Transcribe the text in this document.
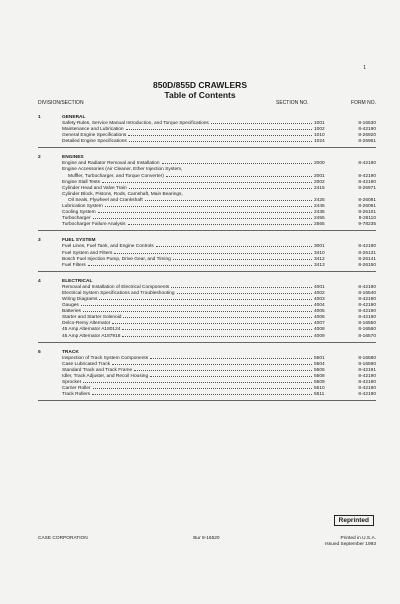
1
850D/855D CRAWLERS
Table of Contents
DIVISION/SECTION	SECTION NO.	FORM NO.
1	GENERAL
Safety Rules, Service Manual Introduction, and Torque Specifications	1001	8-16530
Maintenance and Lubrication	1002	8-42190
General Engine Specifications	1010	8-26920
Detailed Engine Specifications	1024	8-26961
2	ENGINES
Engine and Radiator Removal and Installation	2000	8-42190
Engine Accessories (Air Cleaner, Ether Injection System,
Muffler, Turbocharger, and Torque Converter)	2001	8-42190
Engine Stall Tests	2002	8-42190
Cylinder Head and Valve Train	2415	8-26971
Cylinder Block, Pistons, Rods, Camshaft, Main Bearings,
Oil Seals, Flywheel and Crankshaft	2425	8-26081
Lubrication System	2445	8-26091
Cooling System	2435	8-26101
Turbocharger	2455	8-26110
Turbocharger Failure Analysis	2565	9-78235
3	FUEL SYSTEM
Fuel Lines, Fuel Tank, and Engine Controls	3001	8-42190
Fuel System and Filters	3410	8-26131
Bosch Fuel Injection Pump, Drive Gear, and Timing	3412	8-26141
Fuel Filters	3413	8-26150
4	ELECTRICAL
Removal and Installation of Electrical Components	4001	8-42190
Electrical System Specifications and Troubleshooting	4002	8-16540
Wiring Diagrams	4003	8-42190
Gauges	4004	8-42190
Batteries	4005	8-42190
Starter and Starter Solenoid	4006	8-42190
Delco-Remy Alternator	4007	8-16550
45 Amp Alternator A180124	4008	8-16560
45 Amp Alternator A187916	4009	8-16570
5	TRACK
Inspection of Track System Components	5501	8-16580
Case Lubricated Track	5504	8-16590
Standard Track and Track Frame	5506	8-42191
Idler, Track Adjuster, and Recoil Housing	5508	8-42190
Sprocket	5509	8-42190
Carrier Roller	5510	8-42190
Track Rollers	5511	8-42190
Reprinted
CASE CORPORATION	Bur 8-16520	Printed in U.S.A.
Issued September 1993
